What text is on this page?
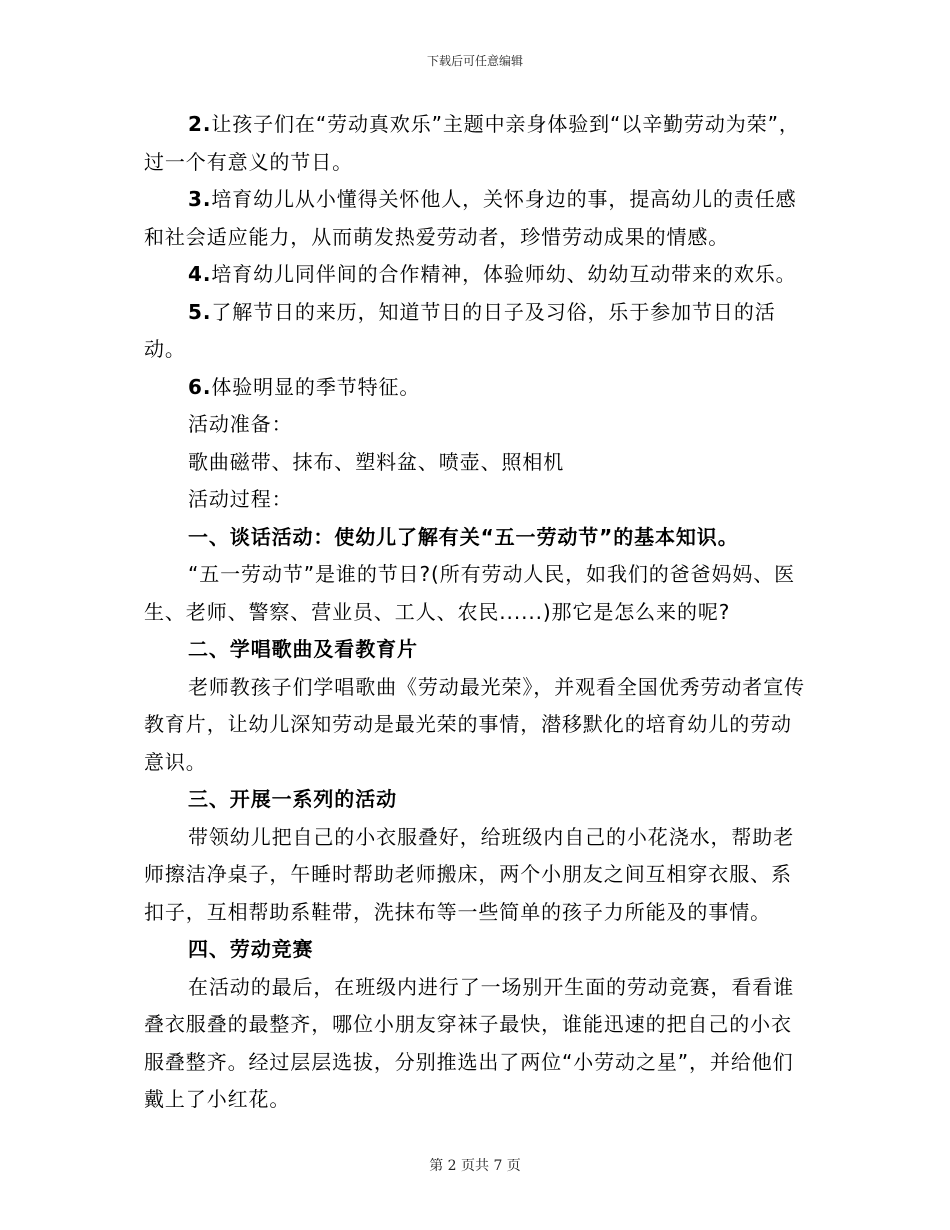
下载后可任意编辑

2.让孩子们在“劳动真欢乐”主题中亲身体验到“以辛勤劳动为荣”，过一个有意义的节日。

3.培育幼儿从小懂得关怀他人，关怀身边的事，提高幼儿的责任感和社会适应能力，从而萌发热爱劳动者，珍惜劳动成果的情感。

4.培育幼儿同伴间的合作精神，体验师幼、幼幼互动带来的欢乐。

5.了解节日的来历，知道节日的日子及习俗，乐于参加节日的活动。

6.体验明显的季节特征。

活动准备：

歌曲磁带、抹布、塑料盆、喷壶、照相机

活动过程：

一、谈话活动：使幼儿了解有关“五一劳动节”的基本知识。

“五一劳动节”是谁的节日?(所有劳动人民，如我们的爸爸妈妈、医生、老师、警察、营业员、工人、农民......)那它是怎么来的呢?

二、学唱歌曲及看教育片

老师教孩子们学唱歌曲《劳动最光荣》，并观看全国优秀劳动者宣传教育片，让幼儿深知劳动是最光荣的事情，潜移默化的培育幼儿的劳动意识。

三、开展一系列的活动

带领幼儿把自己的小衣服叠好，给班级内自己的小花浇水，帮助老师擦洁净桌子，午睡时帮助老师搬床，两个小朋友之间互相穿衣服、系扣子，互相帮助系鞋带，洗抹布等一些简单的孩子力所能及的事情。

四、劳动竞赛

在活动的最后，在班级内进行了一场别开生面的劳动竞赛，看看谁叠衣服叠的最整齐，哪位小朋友穿袜子最快，谁能迅速的把自己的小衣服叠整齐。经过层层选拔，分别推选出了两位“小劳动之星”，并给他们戴上了小红花。

第 2 页共 7 页
